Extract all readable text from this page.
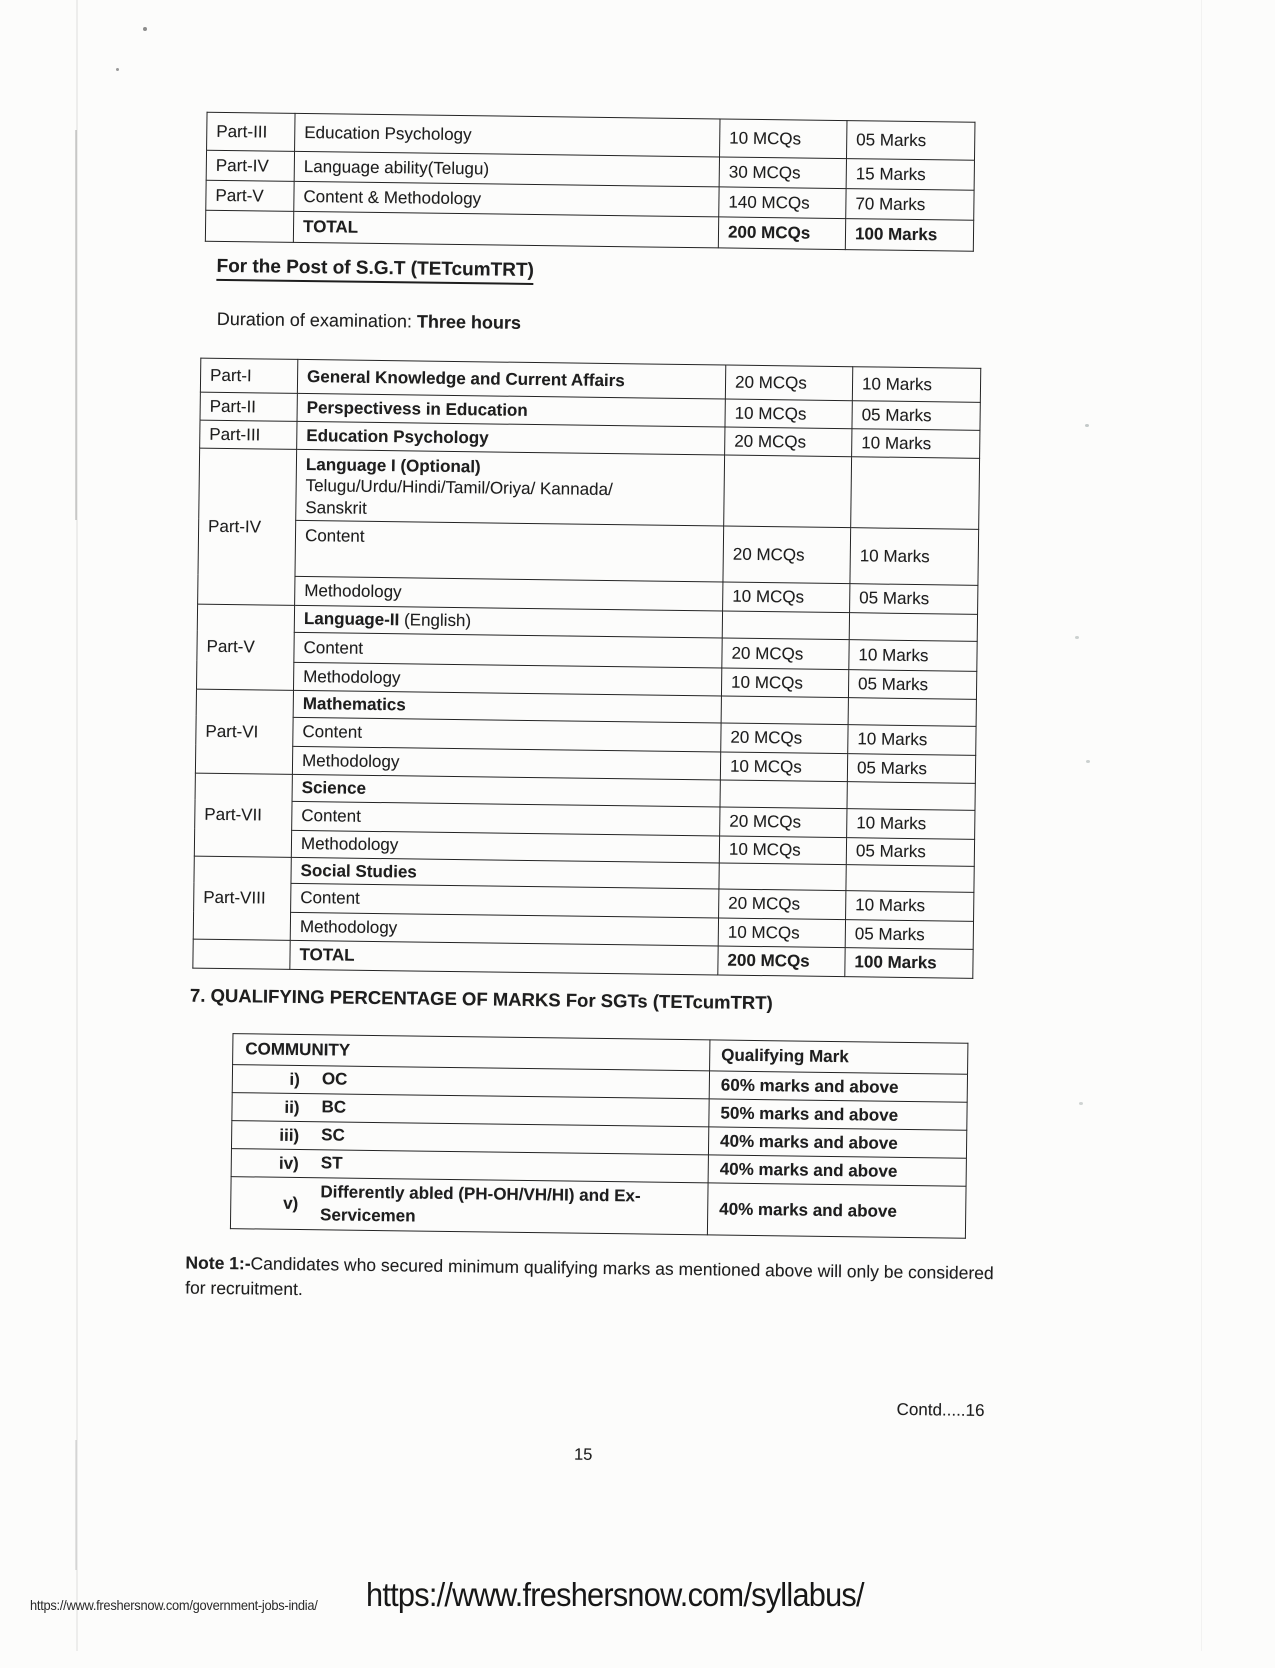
Part-III	Education Psychology	10 MCQs	05 Marks
Part-IV	Language ability(Telugu)	30 MCQs	15 Marks
Part-V	Content & Methodology	140 MCQs	70 Marks

	TOTAL	200 MCQs	100 Marks
For the Post of S.G.T (TETcumTRT)
Duration of examination: Three hours
Part-I	General Knowledge and Current Affairs	20 MCQs	10 Marks
Part-II	Perspectivess in Education	10 MCQs	05 Marks
Part-III	Education Psychology	20 MCQs	10 Marks
Part-IV	Language I (Optional)
Telugu/Urdu/Hindi/Tamil/Oriya/ Kannada/
Sanskrit		

	Content	20 MCQs	10 Marks

	Methodology	10 MCQs	05 Marks
Part-V	Language-II (English)		

	Content	20 MCQs	10 Marks

	Methodology	10 MCQs	05 Marks
Part-VI	Mathematics		

	Content	20 MCQs	10 Marks

	Methodology	10 MCQs	05 Marks
Part-VII	Science		

	Content	20 MCQs	10 Marks

	Methodology	10 MCQs	05 Marks
Part-VIII	Social Studies		

	Content	20 MCQs	10 Marks

	Methodology	10 MCQs	05 Marks

	TOTAL	200 MCQs	100 Marks
7. QUALIFYING PERCENTAGE OF MARKS For SGTs (TETcumTRT)
COMMUNITY	Qualifying Mark

i) OC	60% marks and above

ii) BC	50% marks and above

iii) SC	40% marks and above

iv) ST	40% marks and above

v) Differently abled (PH-OH/VH/HI) and Ex-
Servicemen	40% marks and above
Note 1:-Candidates who secured minimum qualifying marks as mentioned above will only be considered for recruitment.
Contd.....16
15
https://www.freshersnow.com/government-jobs-india/ https://www.freshersnow.com/syllabus/
